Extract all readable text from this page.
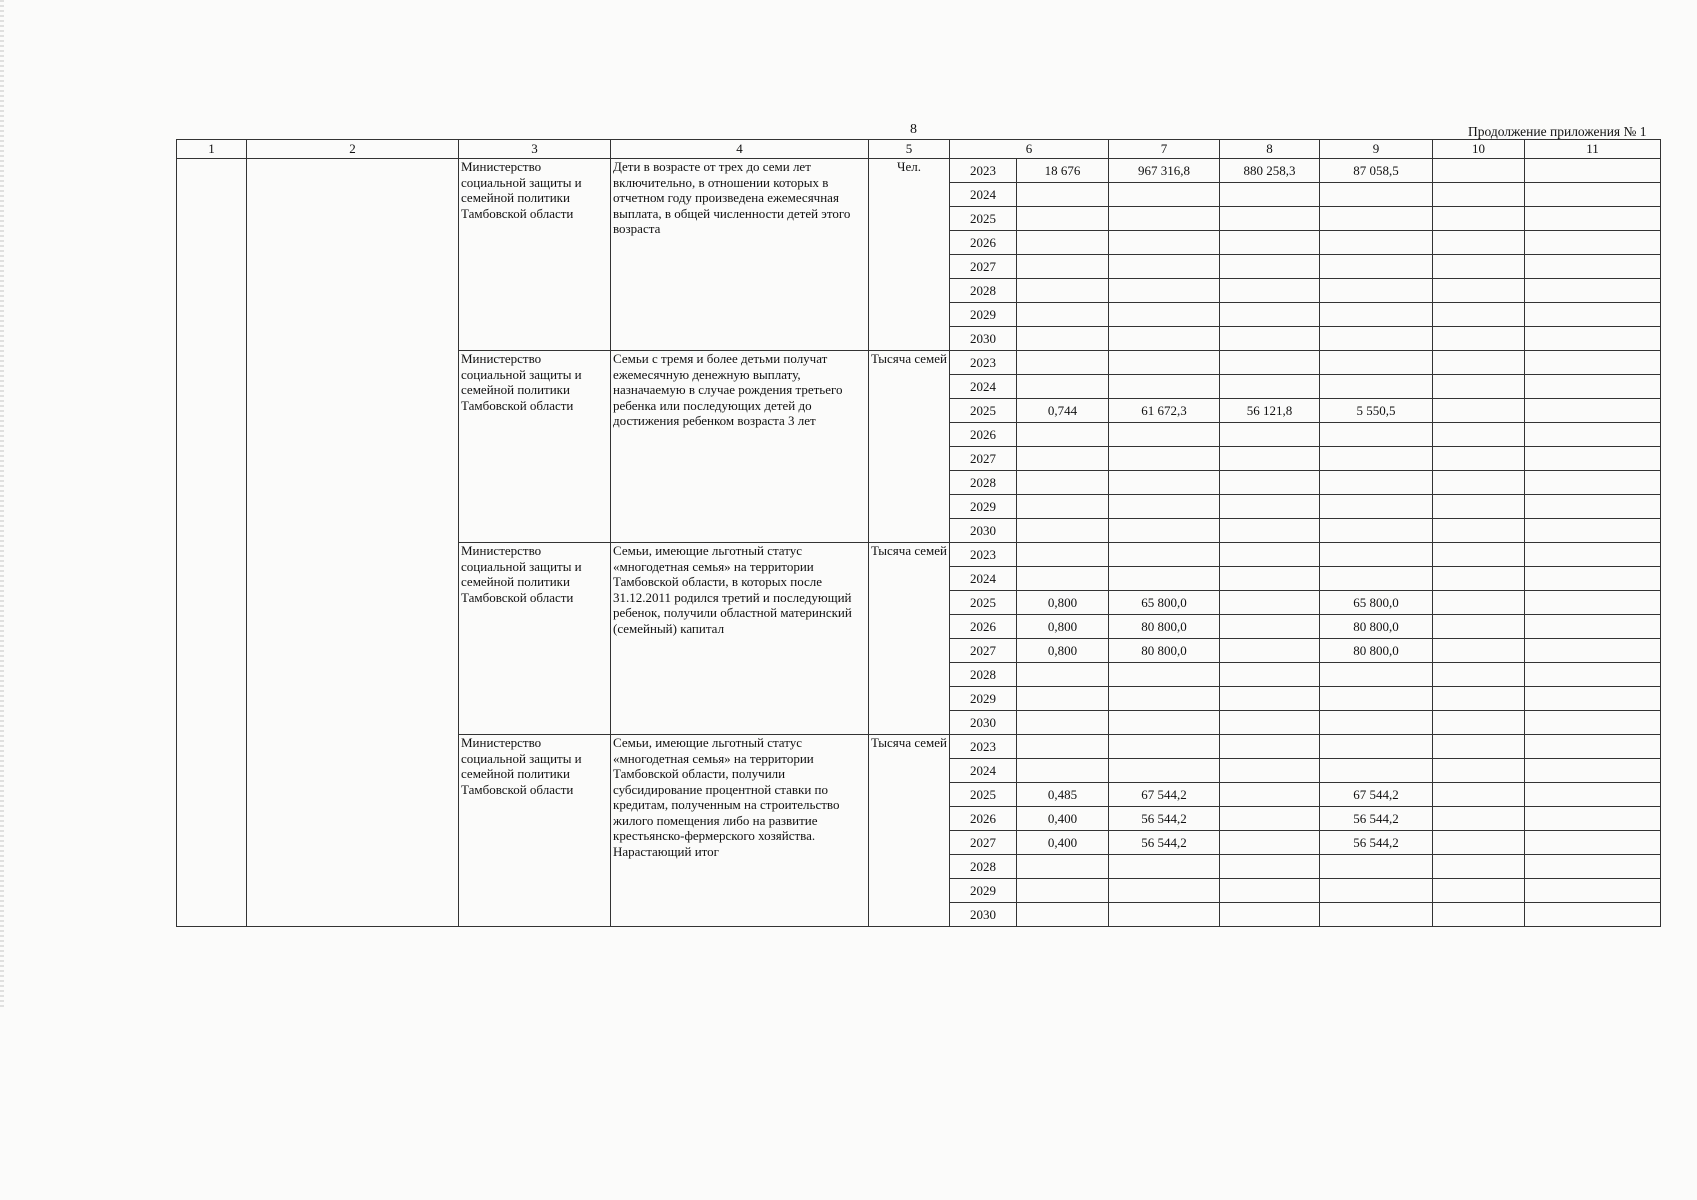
8	Продолжение приложения № 1
1	2	3	4	5	6		7	8	9	10	11
		Министерство социальной защиты и семейной политики Тамбовской области	Дети в возрасте от трех до семи лет включительно, в отношении которых в отчетном году произведена ежемесячная выплата, в общей численности детей этого возраста	Чел.	2023	18 676	967 316,8	880 258,3	87 058,5		
					2024						
					2025						
					2026						
					2027						
					2028						
					2029						
					2030						
		Министерство социальной защиты и семейной политики Тамбовской области	Семьи с тремя и более детьми получат ежемесячную денежную выплату, назначаемую в случае рождения третьего ребенка или последующих детей до достижения ребенком возраста 3 лет	Тысяча семей	2023						
					2024						
					2025	0,744	61 672,3	56 121,8	5 550,5		
					2026						
					2027						
					2028						
					2029						
					2030						
		Министерство социальной защиты и семейной политики Тамбовской области	Семьи, имеющие льготный статус «многодетная семья» на территории Тамбовской области, в которых после 31.12.2011 родился третий и последующий ребенок, получили областной материнский (семейный) капитал	Тысяча семей	2023						
					2024						
					2025	0,800	65 800,0		65 800,0		
					2026	0,800	80 800,0		80 800,0		
					2027	0,800	80 800,0		80 800,0		
					2028						
					2029						
					2030						
		Министерство социальной защиты и семейной политики Тамбовской области	Семьи, имеющие льготный статус «многодетная семья» на территории Тамбовской области, получили субсидирование процентной ставки по кредитам, полученным на строительство жилого помещения либо на развитие крестьянско-фермерского хозяйства. Нарастающий итог	Тысяча семей	2023						
					2024						
					2025	0,485	67 544,2		67 544,2		
					2026	0,400	56 544,2		56 544,2		
					2027	0,400	56 544,2		56 544,2		
					2028						
					2029						
					2030						
